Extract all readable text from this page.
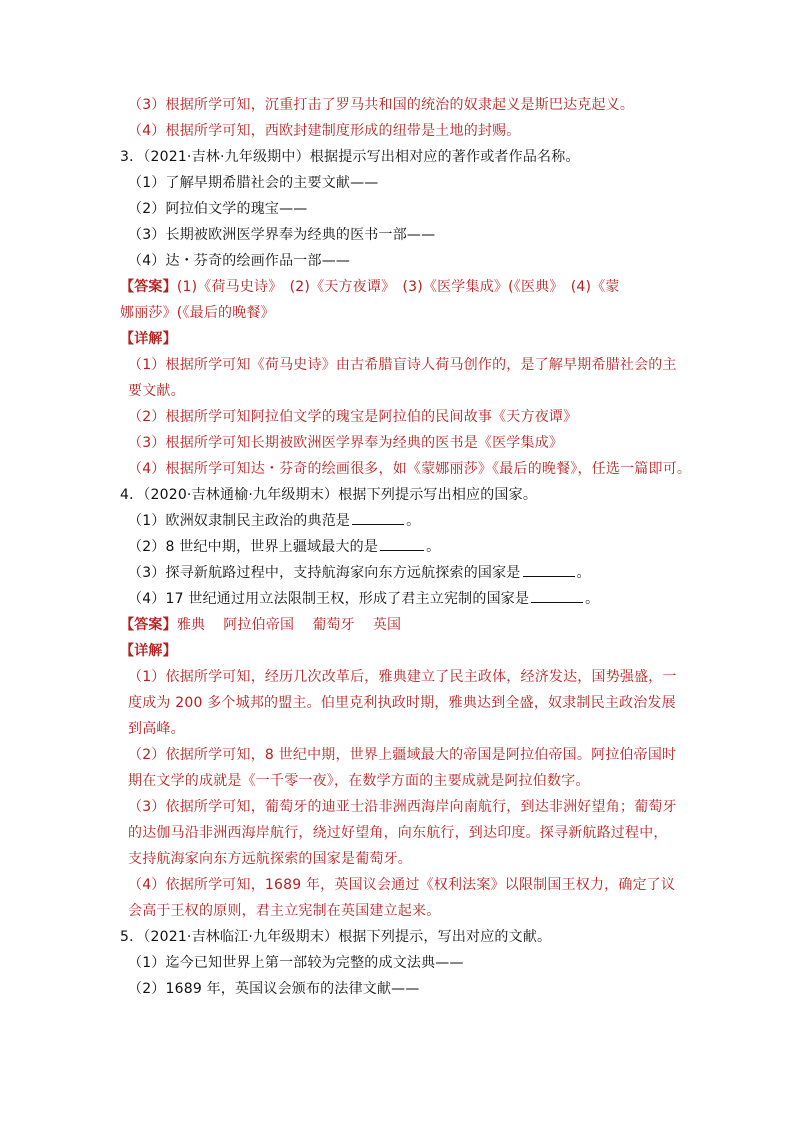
（3）根据所学可知，沉重打击了罗马共和国的统治的奴隶起义是斯巴达克起义。
（4）根据所学可知，西欧封建制度形成的纽带是土地的封赐。
3．（2021·吉林·九年级期中）根据提示写出相对应的著作或者作品名称。
（1）了解早期希腊社会的主要文献——
（2）阿拉伯文学的瑰宝——
（3）长期被欧洲医学界奉为经典的医书一部——
（4）达・芬奇的绘画作品一部——
【答案】(1)《荷马史诗》　(2)《天方夜谭》　(3)《医学集成》(《医典》　(4)《蒙
娜丽莎》(《最后的晚餐》
【详解】
（1）根据所学可知《荷马史诗》由古希腊盲诗人荷马创作的，是了解早期希腊社会的主要文献。
（2）根据所学可知阿拉伯文学的瑰宝是阿拉伯的民间故事《天方夜谭》
（3）根据所学可知长期被欧洲医学界奉为经典的医书是《医学集成》
（4）根据所学可知达・芬奇的绘画很多，如《蒙娜丽莎》《最后的晚餐》，任选一篇即可。
4．（2020·吉林通榆·九年级期末）根据下列提示写出相应的国家。
（1）欧洲奴隶制民主政治的典范是	。
（2）8 世纪中期，世界上疆域最大的是	。
（3）探寻新航路过程中，支持航海家向东方远航探索的国家是	。
（4）17 世纪通过用立法限制王权，形成了君主立宪制的国家是	。
【答案】雅典 阿拉伯帝国 葡萄牙 英国
【详解】
（1）依据所学可知，经历几次改革后，雅典建立了民主政体，经济发达，国势强盛，一度成为 200 多个城邦的盟主。伯里克利执政时期，雅典达到全盛，奴隶制民主政治发展到高峰。
（2）依据所学可知，8 世纪中期，世界上疆域最大的帝国是阿拉伯帝国。阿拉伯帝国时期在文学的成就是《一千零一夜》，在数学方面的主要成就是阿拉伯数字。
（3）依据所学可知，葡萄牙的迪亚士沿非洲西海岸向南航行，到达非洲好望角；葡萄牙的达伽马沿非洲西海岸航行，绕过好望角，向东航行，到达印度。探寻新航路过程中，支持航海家向东方远航探索的国家是葡萄牙。
（4）依据所学可知，1689 年，英国议会通过《权利法案》以限制国王权力，确定了议会高于王权的原则，君主立宪制在英国建立起来。
5．（2021·吉林临江·九年级期末）根据下列提示，写出对应的文献。
（1）迄今已知世界上第一部较为完整的成文法典——
（2）1689 年，英国议会颁布的法律文献——
